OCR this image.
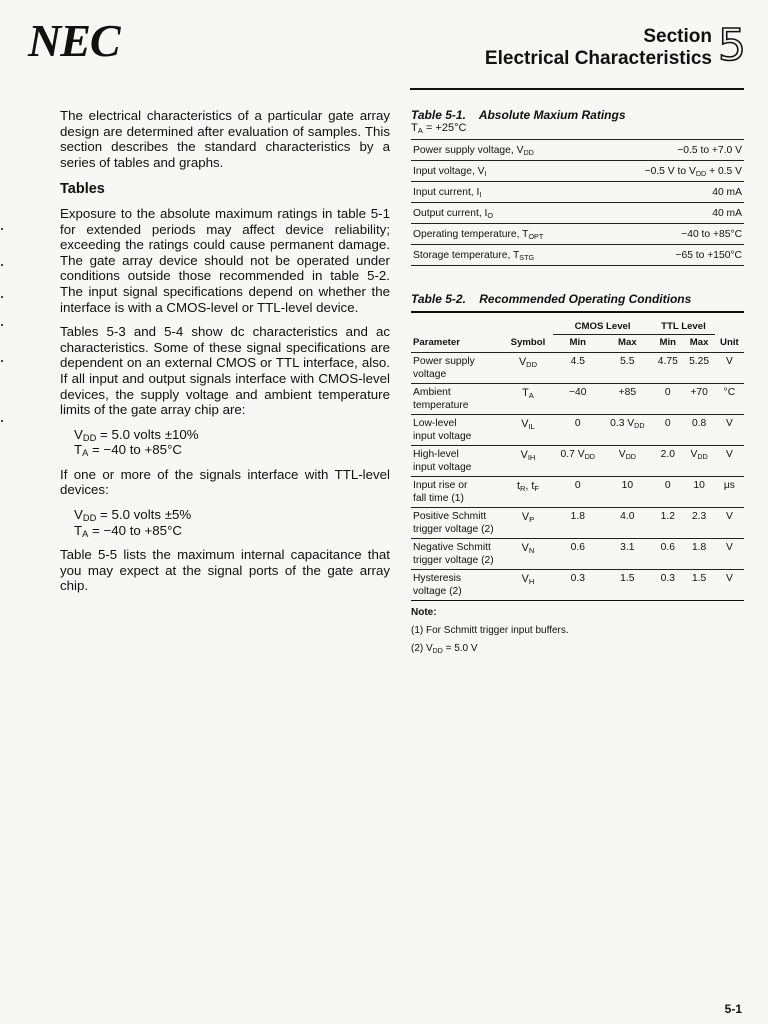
NEC	Section
Electrical Characteristics 5

The electrical characteristics of a particular gate array design are determined after evaluation of samples. This section describes the standard characteristics by a series of tables and graphs.

Tables

Exposure to the absolute maximum ratings in table 5-1 for extended periods may affect device reliability; exceeding the ratings could cause permanent damage. The gate array device should not be operated under conditions outside those recommended in table 5-2. The input signal specifications depend on whether the interface is with a CMOS-level or TTL-level device.

Tables 5-3 and 5-4 show dc characteristics and ac characteristics. Some of these signal specifications are dependent on an external CMOS or TTL interface, also. If all input and output signals interface with CMOS-level devices, the supply voltage and ambient temperature limits of the gate array chip are:

$V_{DD} = 5.0$ volts ±10%
$T_A = -40$ to +85°C

If one or more of the signals interface with TTL-level devices:

$V_{DD} = 5.0$ volts ±5%
$T_A = -40$ to +85°C

Table 5-5 lists the maximum internal capacitance that you may expect at the signal ports of the gate array chip.

Table 5-1. Absolute Maxium Ratings
$T_A = +25^\circ C$
Power supply voltage, $V_{DD}$	−0.5 to +7.0 V
Input voltage, $V_I$	−0.5 V to $V_{DD} + 0.5$ V
Input current, $I_I$	40 mA
Output current, $I_O$	40 mA
Operating temperature, $T_{OPT}$	−40 to +85°C
Storage temperature, $T_{STG}$	−65 to +150°C
Table 5-2. Recommended Operating Conditions
		CMOS Level		TTL Level		
Parameter	Symbol	Min	Max	Min	Max	Unit

Power supply
voltage	$V_{DD}$	4.5	5.5	4.75	5.25	V

Ambient
temperature	$T_A$	−40	+85	0	+70	°C

Low-level
input voltage	$V_{IL}$	0	0.3 $V_{DD}$	0	0.8	V

High-level
input voltage	$V_{IH}$	0.7 $V_{DD}$	$V_{DD}$	2.0	$V_{DD}$	V

Input rise or
fall time (1)	$t_R$, $t_F$	0	10	0	10	μs

Positive Schmitt
trigger voltage (2)	$V_P$	1.8	4.0	1.2	2.3	V

Negative Schmitt
trigger voltage (2)	$V_N$	0.6	3.1	0.6	1.8	V

Hysteresis
voltage (2)	$V_H$	0.3	1.5	0.3	1.5	V
Note:
(1) For Schmitt trigger input buffers.
(2) $V_{DD} = 5.0$ V
5-1
